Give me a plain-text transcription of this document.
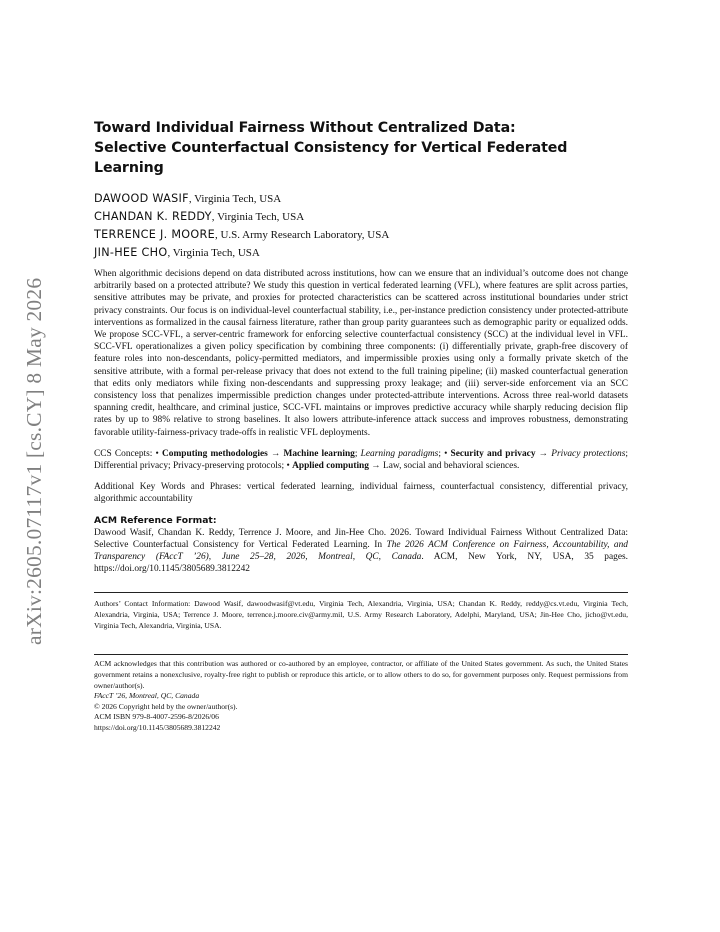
arXiv:2605.07117v1 [cs.CY] 8 May 2026
Toward Individual Fairness Without Centralized Data:
Selective Counterfactual Consistency for Vertical Federated Learning
DAWOOD WASIF, Virginia Tech, USA
CHANDAN K. REDDY, Virginia Tech, USA
TERRENCE J. MOORE, U.S. Army Research Laboratory, USA
JIN-HEE CHO, Virginia Tech, USA

When algorithmic decisions depend on data distributed across institutions, how can we ensure that an individual’s outcome does not change arbitrarily based on a protected attribute? We study this question in vertical federated learning (VFL), where features are split across parties, sensitive attributes may be private, and proxies for protected characteristics can be scattered across institutional boundaries under strict privacy constraints. Our focus is on individual-level counterfactual stability, i.e., per-instance prediction consistency under protected-attribute interventions as formalized in the causal fairness literature, rather than group parity guarantees such as demographic parity or equalized odds. We propose SCC-VFL, a server-centric framework for enforcing selective counterfactual consistency (SCC) at the individual level in VFL. SCC-VFL operationalizes a given policy specification by combining three components: (i) differentially private, graph-free discovery of feature roles into non-descendants, policy-permitted mediators, and impermissible proxies using only a formally private sketch of the sensitive attribute, with a formal per-release privacy that does not extend to the full training pipeline; (ii) masked counterfactual generation that edits only mediators while fixing non-descendants and suppressing proxy leakage; and (iii) server-side enforcement via an SCC consistency loss that penalizes impermissible prediction changes under protected-attribute interventions. Across three real-world datasets spanning credit, healthcare, and criminal justice, SCC-VFL maintains or improves predictive accuracy while sharply reducing decision flip rates by up to 98% relative to strong baselines. It also lowers attribute-inference attack success and improves robustness, demonstrating favorable utility-fairness-privacy trade-offs in realistic VFL deployments.

CCS Concepts: • Computing methodologies → Machine learning; Learning paradigms; • Security and privacy → Privacy protections; Differential privacy; Privacy-preserving protocols; • Applied computing → Law, social and behavioral sciences.

Additional Key Words and Phrases: vertical federated learning, individual fairness, counterfactual consistency, differential privacy, algorithmic accountability

ACM Reference Format:
Dawood Wasif, Chandan K. Reddy, Terrence J. Moore, and Jin-Hee Cho. 2026. Toward Individual Fairness Without Centralized Data: Selective Counterfactual Consistency for Vertical Federated Learning. In The 2026 ACM Conference on Fairness, Accountability, and Transparency (FAccT ’26), June 25–28, 2026, Montreal, QC, Canada. ACM, New York, NY, USA, 35 pages. https://doi.org/10.1145/3805689.3812242
Authors’ Contact Information: Dawood Wasif, dawoodwasif@vt.edu, Virginia Tech, Alexandria, Virginia, USA; Chandan K. Reddy, reddy@cs.vt.edu, Virginia Tech, Alexandria, Virginia, USA; Terrence J. Moore, terrence.j.moore.civ@army.mil, U.S. Army Research Laboratory, Adelphi, Maryland, USA; Jin-Hee Cho, jicho@vt.edu, Virginia Tech, Alexandria, Virginia, USA.
ACM acknowledges that this contribution was authored or co-authored by an employee, contractor, or affiliate of the United States government. As such, the United States government retains a nonexclusive, royalty-free right to publish or reproduce this article, or to allow others to do so, for government purposes only. Request permissions from owner/author(s).
FAccT ’26, Montreal, QC, Canada
© 2026 Copyright held by the owner/author(s).
ACM ISBN 979-8-4007-2596-8/2026/06
https://doi.org/10.1145/3805689.3812242
